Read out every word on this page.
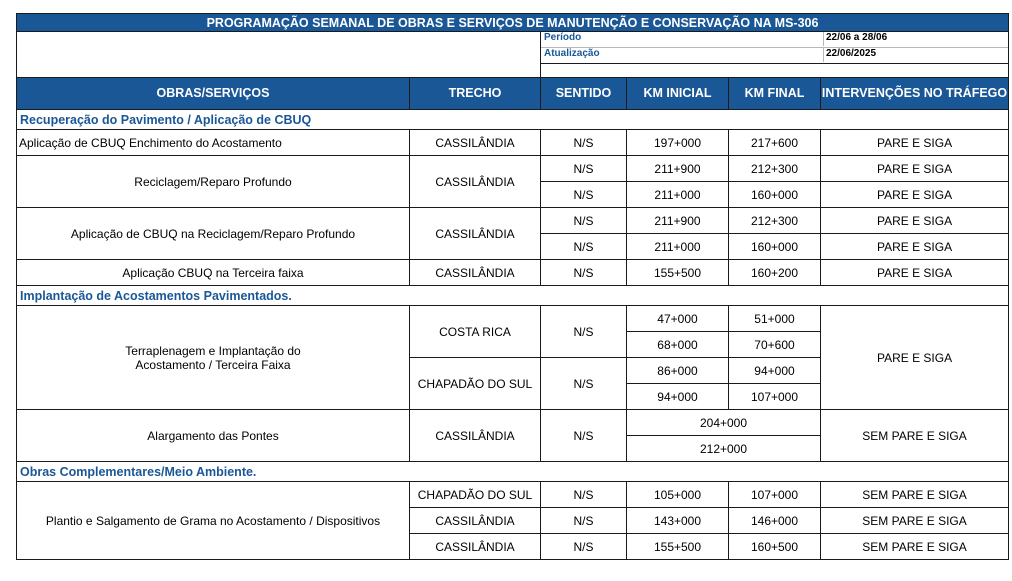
PROGRAMAÇÃO SEMANAL DE OBRAS E SERVIÇOS DE MANUTENÇÃO E CONSERVAÇÃO NA MS-306					

		Período 22/06 a 28/06
Atualização 22/06/2025			

OBRAS/SERVIÇOS	TRECHO	SENTIDO	KM INICIAL	KM FINAL	INTERVENÇÕES NO TRÁFEGO
Recuperação do Pavimento / Aplicação de CBUQ					
Aplicação de CBUQ Enchimento do Acostamento	CASSILÂNDIA	N/S	197+000	217+600	PARE E SIGA
Reciclagem/Reparo Profundo	CASSILÂNDIA	N/S	211+900	212+300	PARE E SIGA
		N/S	211+000	160+000	PARE E SIGA
Aplicação de CBUQ na Reciclagem/Reparo Profundo	CASSILÂNDIA	N/S	211+900	212+300	PARE E SIGA
		N/S	211+000	160+000	PARE E SIGA
Aplicação CBUQ na Terceira faixa	CASSILÂNDIA	N/S	155+500	160+200	PARE E SIGA
Implantação de Acostamentos Pavimentados.					

Terraplenagem e Implantação do
Acostamento / Terceira Faixa	COSTA RICA	N/S	47+000	51+000	PARE E SIGA
			68+000	70+600	
	CHAPADÃO DO SUL	N/S	86+000	94+000	
			94+000	107+000	
Alargamento das Pontes	CASSILÂNDIA	N/S	204+000		SEM PARE E SIGA
			212+000		
Obras Complementares/Meio Ambiente.					
Plantio e Salgamento de Grama no Acostamento / Dispositivos	CHAPADÃO DO SUL	N/S	105+000	107+000	SEM PARE E SIGA
	CASSILÂNDIA	N/S	143+000	146+000	SEM PARE E SIGA
	CASSILÂNDIA	N/S	155+500	160+500	SEM PARE E SIGA
